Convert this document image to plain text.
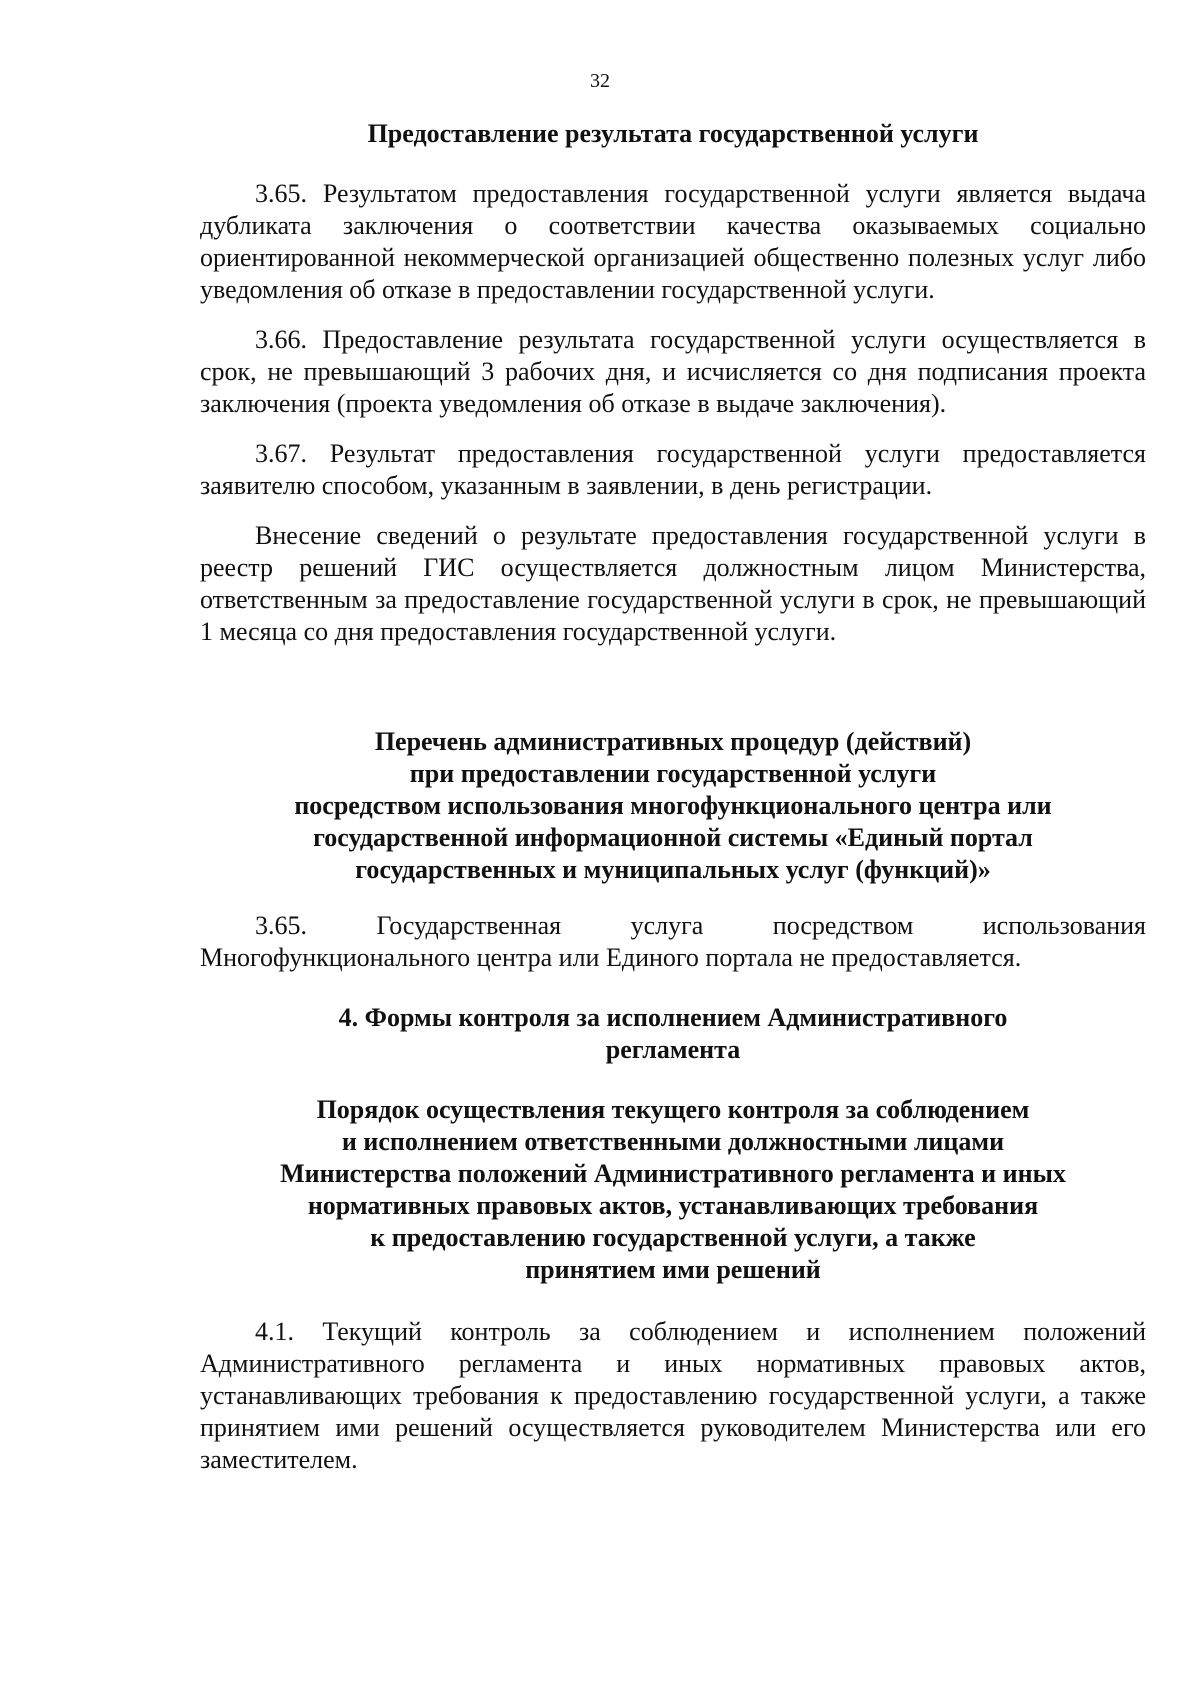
32

Предоставление результата государственной услуги

3.65. Результатом предоставления государственной услуги является выдача дубликата заключения о соответствии качества оказываемых социально ориентированной некоммерческой организацией общественно полезных услуг либо уведомления об отказе в предоставлении государственной услуги.

3.66. Предоставление результата государственной услуги осуществляется в срок, не превышающий 3 рабочих дня, и исчисляется со дня подписания проекта заключения (проекта уведомления об отказе в выдаче заключения).

3.67. Результат предоставления государственной услуги предоставляется заявителю способом, указанным в заявлении, в день регистрации.

Внесение сведений о результате предоставления государственной услуги в реестр решений ГИС осуществляется должностным лицом Министерства, ответственным за предоставление государственной услуги в срок, не превышающий 1 месяца со дня предоставления государственной услуги.

Перечень административных процедур (действий)
при предоставлении государственной услуги
посредством использования многофункционального центра или
государственной информационной системы «Единый портал
государственных и муниципальных услуг (функций)»

3.65. Государственная услуга посредством использования Многофункционального центра или Единого портала не предоставляется.

4. Формы контроля за исполнением Административного
регламента

Порядок осуществления текущего контроля за соблюдением
и исполнением ответственными должностными лицами
Министерства положений Административного регламента и иных
нормативных правовых актов, устанавливающих требования
к предоставлению государственной услуги, а также
принятием ими решений

4.1. Текущий контроль за соблюдением и исполнением положений Административного регламента и иных нормативных правовых актов, устанавливающих требования к предоставлению государственной услуги, а также принятием ими решений осуществляется руководителем Министерства или его заместителем.
